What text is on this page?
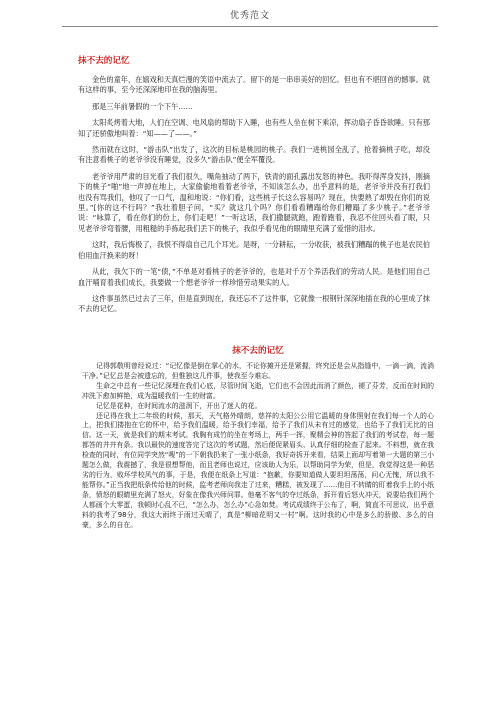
优秀范文
抹不去的记忆

金色的童年，在嬉戏和天真烂漫的笑语中流去了。留下的是一串串美好的回忆。但也有不堪回首的憾事。就有这样的事，至今还深深地印在我的脑海里。

那是三年前暑假的一个下午……

太阳炙烤着大地，人们在空调、电风扇的帮助下入睡，也有些人坐在树下乘凉，挥动扇子昏昏欲睡。只有那知了还骄傲地叫着：“知——了——。”

然而就在这时，“游击队”出发了，这次的目标是桃园的桃子。我们一进桃园全乱了，抢着摘桃子吃，却没有注意看桃子的老爷爷没有睡觉，没多久“游击队”便全军覆没。

老爷爷用严肃的目光看了我们很久，嘴角抽动了两下，铁青的面孔露出发怒的神色。我吓得浑身发抖，刚摘下的桃子“啪”地一声掉在地上，大家偷偷地看着老爷爷，不知该怎么办，出乎意料的是，老爷爷并没有打我们也没有骂我们，他叹了一口气，温和地说：“你们看，这些桃子长这么容易吗？现在，快要熟了却毁在你们的说里。”[你的这不行吗？”我壮着胆子问，“买？就这几个吗？你们看看糟蹋给你们糟蹋了多少桃子。”老爷爷说：“咏算了，看在你们的份上，你们走吧！”一听这话，我们撒腿就跑，跑着跑着，我忍不住回头看了眼，只见老爷爷弯着腰，用粗糙的手拣起我们丢下的桃子，我似乎看见他的眼睛里充满了爱惜的泪水。

这时，我后悔极了，我恨不得扇自己几个耳光。是呀，一分耕耘，一分收获，被我们糟蹋的桃子也是农民伯伯用血汗换来的呀！

从此，我欠下的一笔“债，”不单是对看桃子的老爷爷的，也是对千万个养活我们的劳动人民。是他们用自己血汗哺育着我们成长，我要做一个想老爷爷一样珍惜劳动果实的人。

这件事虽然已过去了三年，但是直到现在，我还忘不了这件事，它就像一根钢针深深地插在我的心里成了抹不去的记忆。

抹不去的记忆

记得郭敬明曾经说过：“记忆像是倒在掌心的水，不论你摊开还是紧握，终究还是会从指缝中，一滴一滴，流淌干净。”记忆总是会被遗忘的，但惟独这几件事，使我至今难忘。

生命之中总有一些记忆深埋在我们心底，尽管时间飞逝，它们也不会因此而消了颜色，褪了芬芳，反而在时间的冲洗下愈加鲜艳，成为温暖我们一生的财富。

记忆是花种，在时间流水的滋润下，开出了迷人的花。

还记得在我上二年级的时候，那天，天气格外晴朗，慈祥的太阳公公用它温暖的身体照射在我们每一个人的心上，把我们搂抱在它的怀中，给予我们温暖，给予我们幸福，给予了我们从未有过的感觉，也给予了我们无比的自信。这一天，就是我们的期末考试。我胸有成竹的坐在考场上，两手一挥，聚精会神的答起了我们的考试卷，每一题都答的井井有条。我以最快的速度答完了这次的考试题，然后便促紧眉头、认真仔细的检查了起来。不料想，就在我检查的同时，有位同学突然“嗖”的一下朝我扔来了一张小纸条，我好奇拆开来看，结果上面却写着第一大题的第三小题怎么做，我震撼了，我是很想帮他，而且老师也说过，应该助人为乐，以帮助同学为荣，但是，我觉得这是一种恶劣的行为，败坏学校风气的事，于是，我便在纸条上写道：“抱歉，你要知道做人要坦坦荡荡，问心无愧，所以我不能帮你。”正当我把纸条传给他的时候，监考老师向我走了过来，糟糕，被发现了……他目不转睛的盯着我手上的小纸条，愤怒的眼睛里充满了怒火，好象在像我兴师问罪。他毫不客气的夺过纸条，拆开看后怒火冲天，说要给我们两个人都画个大零蛋，我顿时心乱不已，“怎么办，怎么办”心急如焚。考试成绩终于公布了，啊，简直不可思议，出乎意料的我考了98分，我这大雨终于雨过天晴了，真是“柳暗花明又一村”啊。这时我的心中是多么的骄傲、多么的自豪，多么的自在。
